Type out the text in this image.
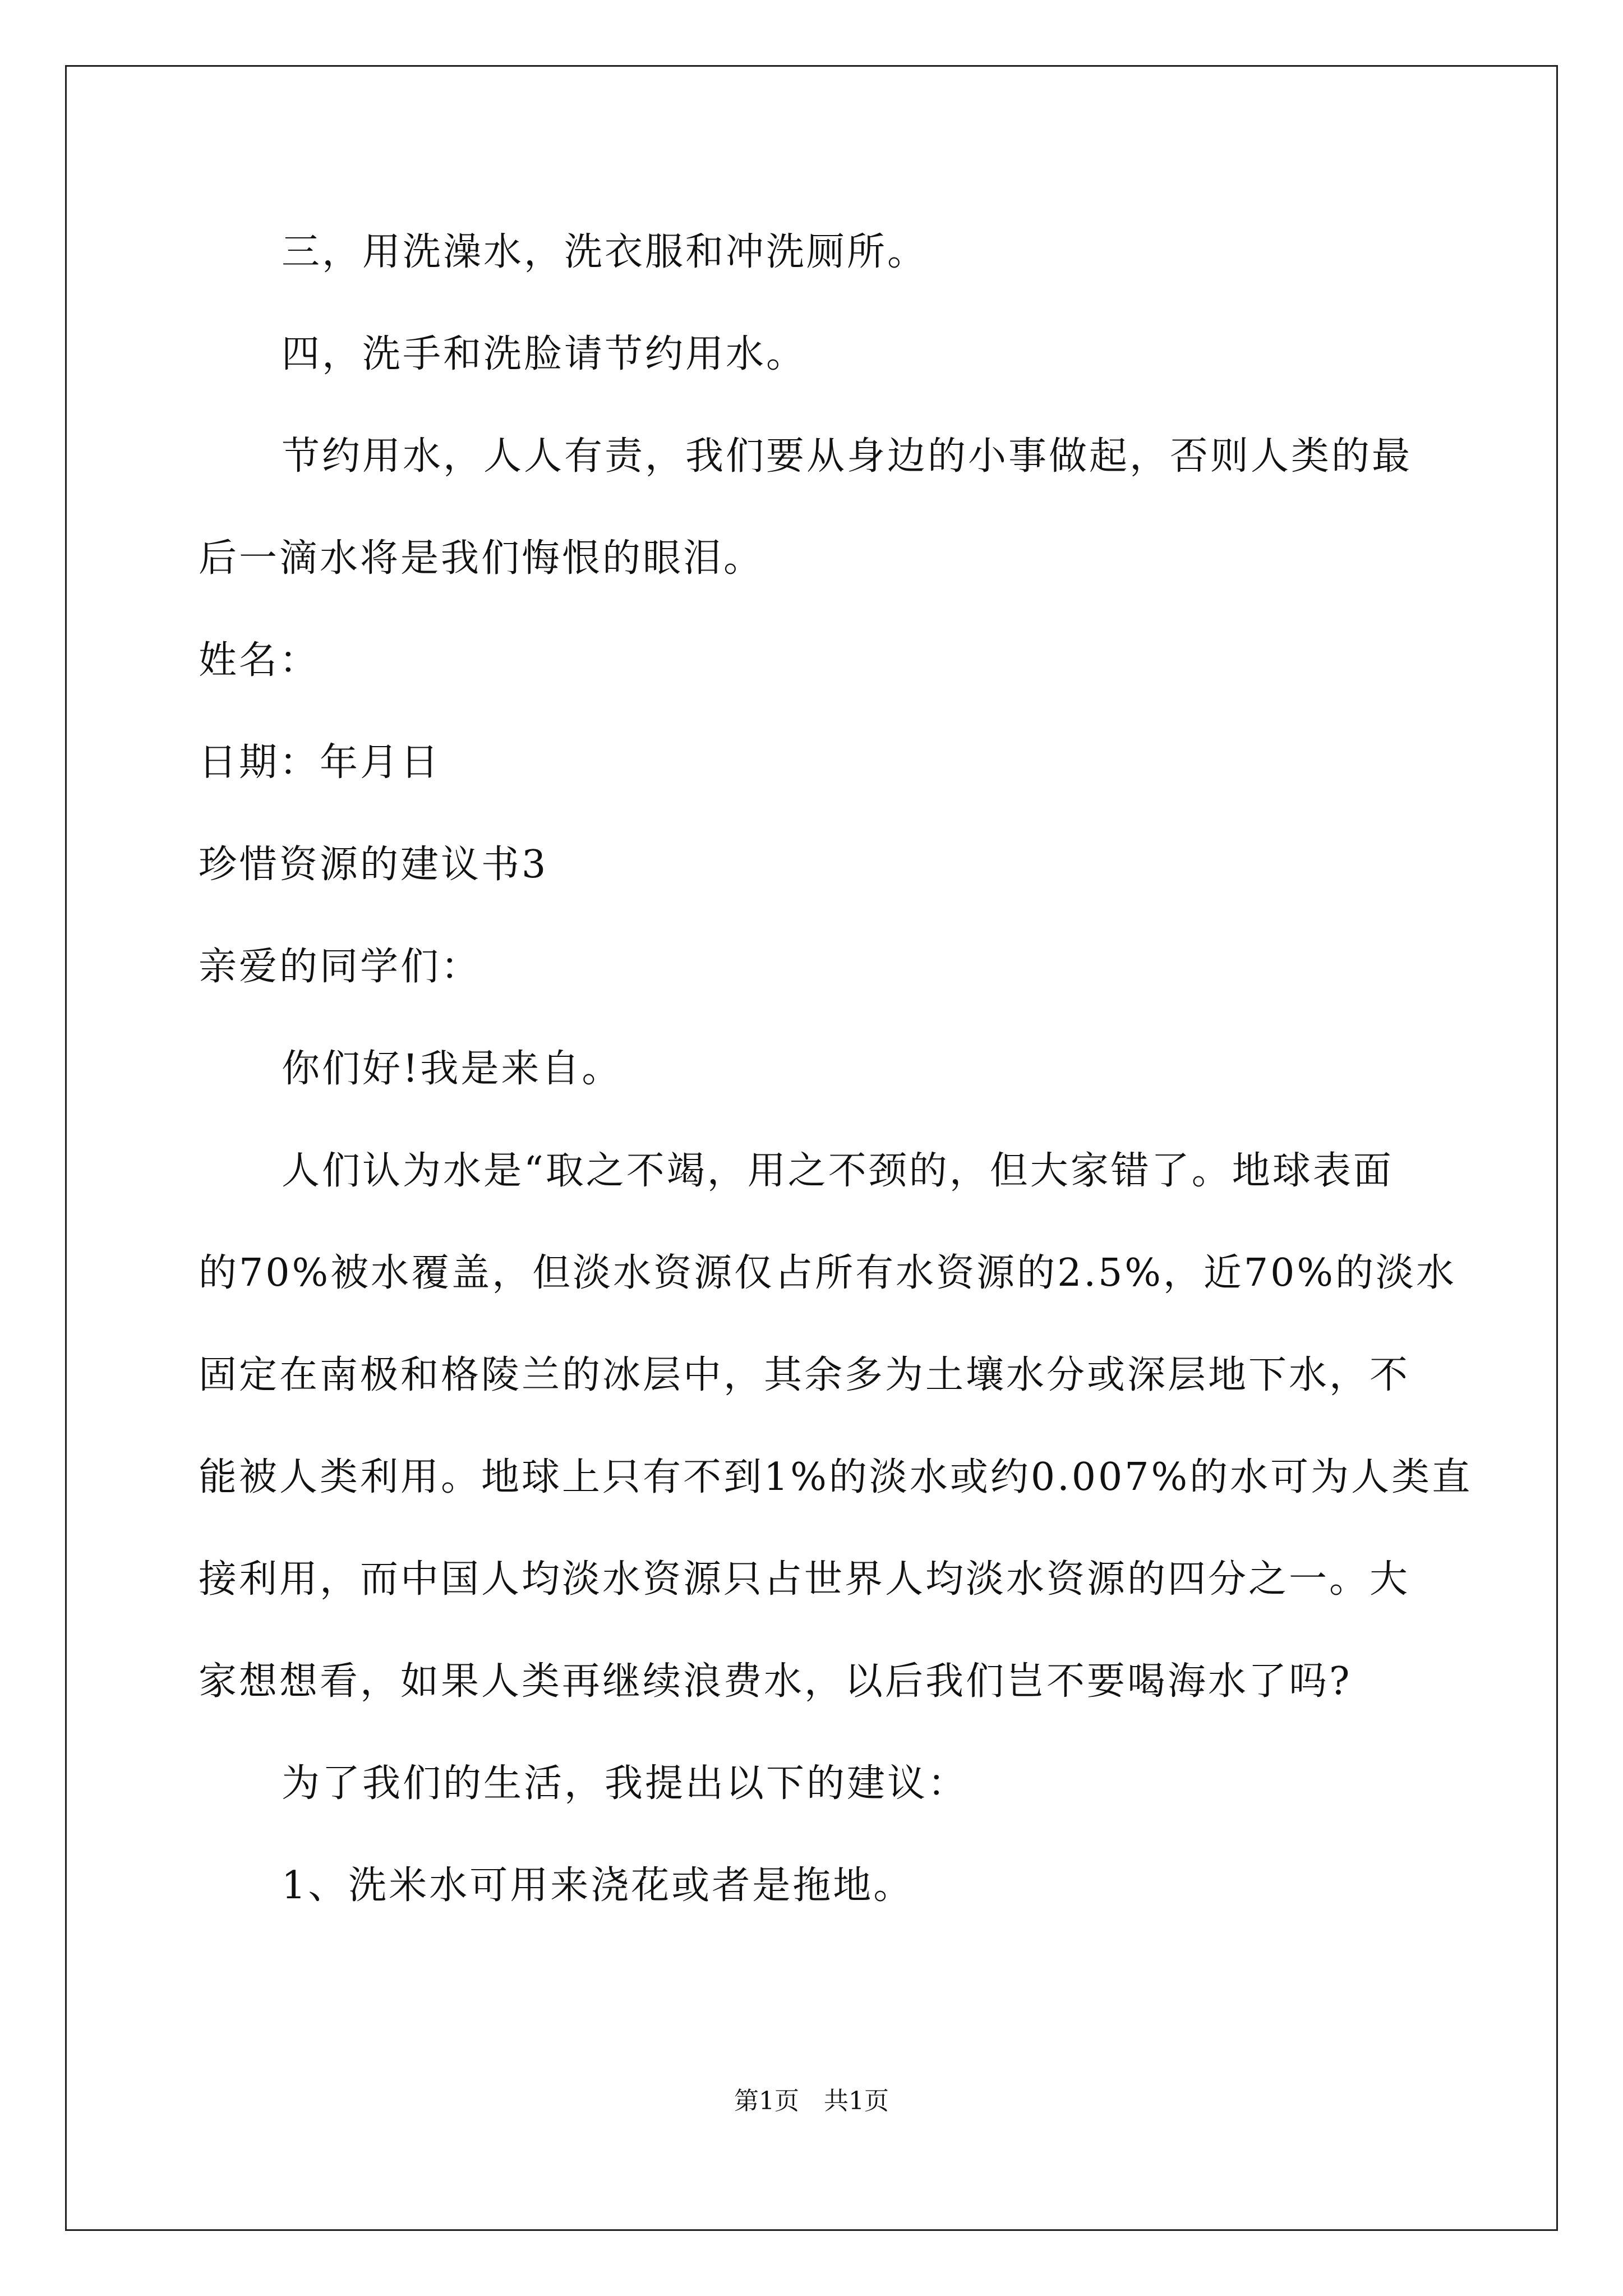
三，用洗澡水，洗衣服和冲洗厕所。
四，洗手和洗脸请节约用水。
节约用水，人人有责，我们要从身边的小事做起，否则人类的最
后一滴水将是我们悔恨的眼泪。
姓名：
日期：年月日
珍惜资源的建议书3
亲爱的同学们：
你们好!我是来自。
人们认为水是“取之不竭，用之不颈的，但大家错了。地球表面
的70%被水覆盖，但淡水资源仅占所有水资源的2.5%，近70%的淡水
固定在南极和格陵兰的冰层中，其余多为土壤水分或深层地下水，不
能被人类利用。地球上只有不到1%的淡水或约0.007%的水可为人类直
接利用，而中国人均淡水资源只占世界人均淡水资源的四分之一。大
家想想看，如果人类再继续浪费水，以后我们岂不要喝海水了吗?
为了我们的生活，我提出以下的建议：
1、洗米水可用来浇花或者是拖地。
第1页　共1页
